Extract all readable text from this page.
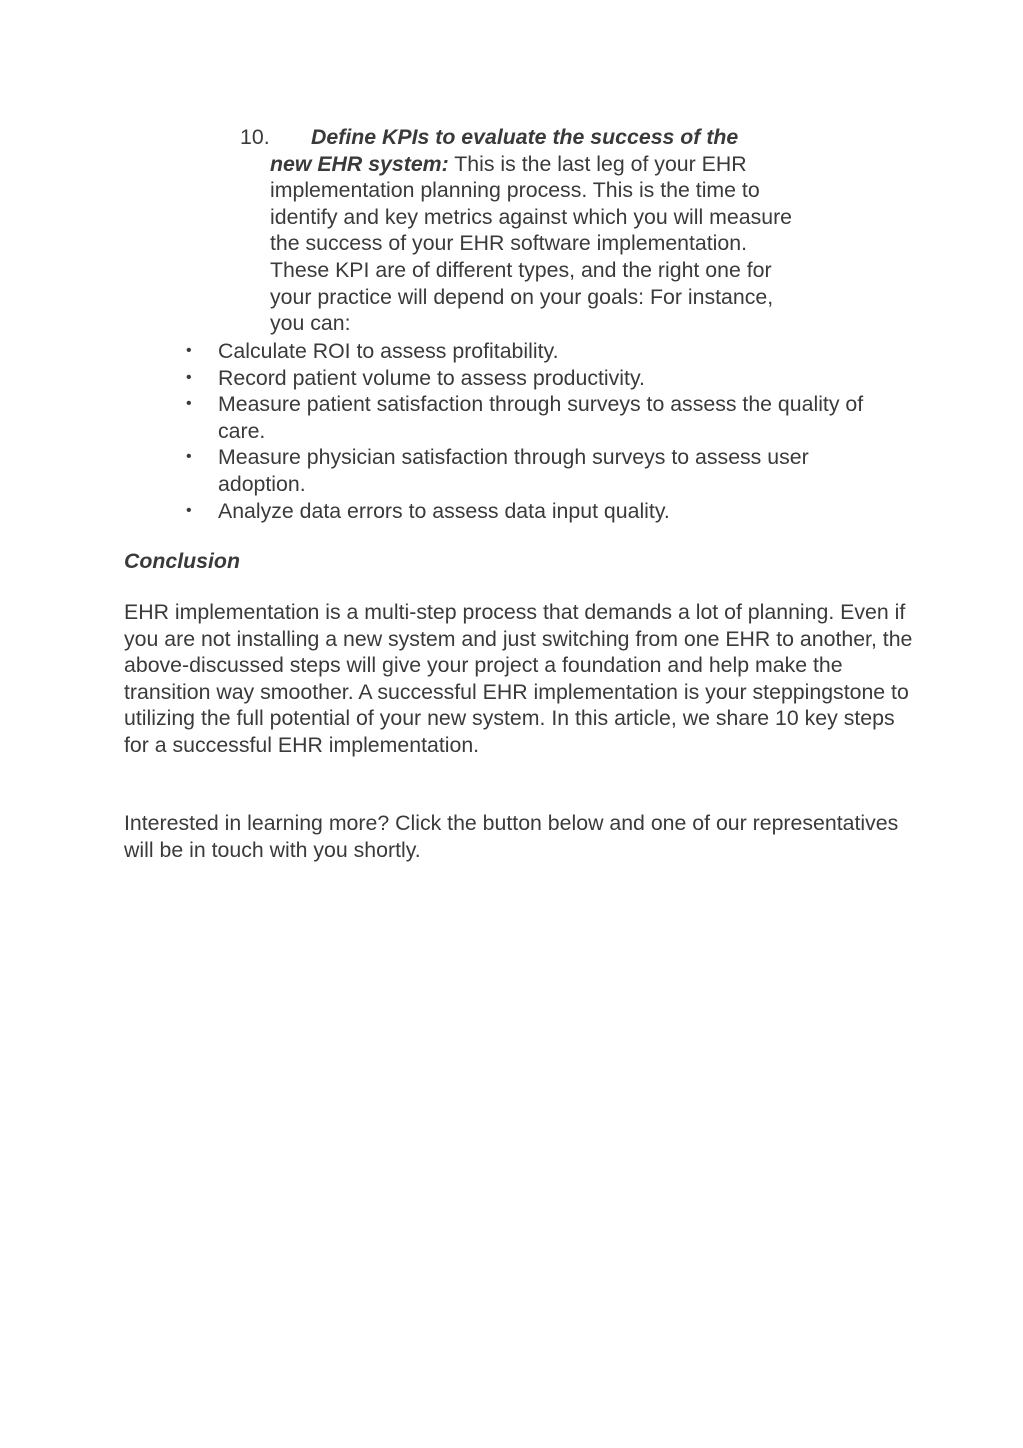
10. Define KPIs to evaluate the success of the
new EHR system: This is the last leg of your EHR implementation planning process. This is the time to identify and key metrics against which you will measure the success of your EHR software implementation. These KPI are of different types, and the right one for your practice will depend on your goals: For instance, you can:
• Calculate ROI to assess profitability.
• Record patient volume to assess productivity.
• Measure patient satisfaction through surveys to assess the quality of care.
• Measure physician satisfaction through surveys to assess user adoption.
• Analyze data errors to assess data input quality.
Conclusion

EHR implementation is a multi-step process that demands a lot of planning. Even if you are not installing a new system and just switching from one EHR to another, the above-discussed steps will give your project a foundation and help make the transition way smoother. A successful EHR implementation is your steppingstone to utilizing the full potential of your new system. In this article, we share 10 key steps for a successful EHR implementation.

Interested in learning more? Click the button below and one of our representatives will be in touch with you shortly.
